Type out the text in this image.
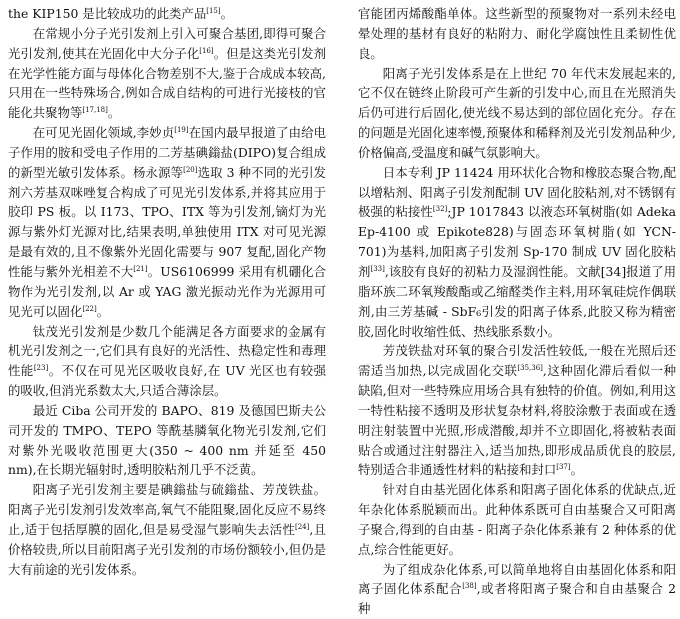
the KIP150 是比较成功的此类产品[15]。

在常规小分子光引发剂上引入可聚合基团,即得可聚合光引发剂,使其在光固化中大分子化[16]。但是这类光引发剂在光学性能方面与母体化合物差别不大,鉴于合成成本较高,只用在一些特殊场合,例如合成自结构的可进行光接枝的官能化共聚物等[17,18]。

在可见光固化领域,李妙贞[19]在国内最早报道了由给电子作用的胺和受电子作用的二芳基碘鎓盐(DIPO)复合组成的新型光敏引发体系。杨永源等[20]选取 3 种不同的光引发剂六芳基双咪唑复合构成了可见光引发体系,并将其应用于胶印 PS 板。以 I173、TPO、ITX 等为引发剂,镝灯为光源与紫外灯光源对比,结果表明,单独使用 ITX 对可见光源是最有效的,且不像紫外光固化需要与 907 复配,固化产物性能与紫外光相差不大[21]。US6106999 采用有机硼化合物作为光引发剂,以 Ar 或 YAG 激光振动光作为光源用可见光可以固化[22]。

钛茂光引发剂是少数几个能满足各方面要求的金属有机光引发剂之一,它们具有良好的光活性、热稳定性和毒理性能[23]。不仅在可见光区吸收良好,在 UV 光区也有较强的吸收,但消光系数太大,只适合薄涂层。

最近 Ciba 公司开发的 BAPO、819 及德国巴斯夫公司开发的 TMPO、TEPO 等酰基膦氧化物光引发剂,它们对紫外光吸收范围更大(350 ~ 400 nm 并延至 450 nm),在长期光辐射时,透明胶粘剂几乎不泛黄。

阳离子光引发剂主要是碘鎓盐与硫鎓盐、芳茂铁盐。阳离子光引发剂引发效率高,氧气不能阻聚,固化反应不易终止,适于包括厚膜的固化,但是易受湿气影响失去活性[24],且价格较贵,所以目前阳离子光引发剂的市场份额较小,但仍是大有前途的光引发体系。

官能团丙烯酸酯单体。这些新型的预聚物对一系列未经电晕处理的基材有良好的粘附力、耐化学腐蚀性且柔韧性优良。

阳离子光引发体系是在上世纪 70 年代末发展起来的,它不仅在链终止阶段可产生新的引发中心,而且在光照消失后仍可进行后固化,使光线不易达到的部位固化充分。存在的问题是光固化速率慢,预聚体和稀释剂及光引发剂品种少,价格偏高,受温度和碱气氛影响大。

日本专利 JP 11424 用环状化合物和橡胶态聚合物,配以增粘剂、阳离子引发剂配制 UV 固化胶粘剂,对不锈钢有极强的粘接性[32];JP 1017843 以液态环氧树脂(如 Adeka Ep-4100 或 Epikote828)与固态环氧树脂(如 YCN-701)为基料,加阳离子引发剂 Sp-170 制成 UV 固化胶粘剂[33],该胶有良好的初粘力及湿润性能。文献[34]报道了用脂环族二环氧羧酸酯或乙缩醛类作主料,用环氧硅烷作偶联剂,由三芳基碱 - SbF₆引发的阳离子体系,此胶又称为精密胶,固化时收缩性低、热线胀系数小。

芳茂铁盐对环氧的聚合引发活性较低,一般在光照后还需适当加热,以完成固化交联[35,36],这种固化滞后看似一种缺陷,但对一些特殊应用场合具有独特的价值。例如,利用这一特性粘接不透明及形状复杂材料,将胶涂敷于表面或在透明注射装置中光照,形成潜酸,却并不立即固化,将被粘表面贴合或通过注射器注入,适当加热,即形成品质优良的胶层,特别适合非通透性材料的粘接和封口[37]。

针对自由基光固化体系和阳离子固化体系的优缺点,近年杂化体系脱颖而出。此种体系既可自由基聚合又可阳离子聚合,得到的自由基 - 阳离子杂化体系兼有 2 种体系的优点,综合性能更好。

为了组成杂化体系,可以简单地将自由基固化体系和阳离子固化体系配合[38],或者将阳离子聚合和自由基聚合 2 种
